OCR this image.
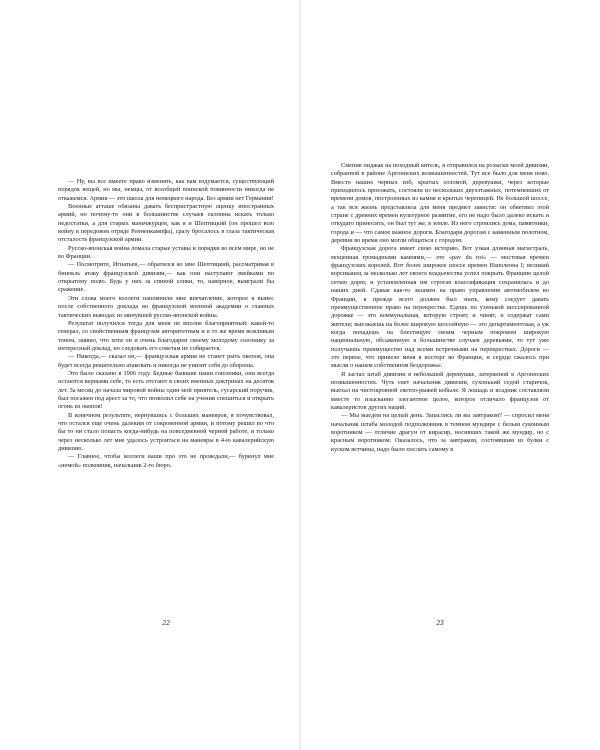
— Ну, вы все имеете право изменять, как вам вздумается, существующий порядок вещей, но мы, немцы, от всеобщей воинской повинности никогда не откажемся. Армия — это школа для немецкого народа. Без армии нет Германии!

Военные атташе обязаны давать беспристрастную оценку иностранных армий, но почему-то они в большинстве случаев склонны искать только недостатки, а для старых маньчжурцев, как я и Шептицкий (он прошел всю войну в передовом отряде Ренненкампфа), сразу бросалось в глаза тактическая отсталость французской армии.

Русско-японская война ломала старые уставы и порядки во всем мире, но не во Франции.

— Посмотрите, Игнатьев,— обратился ко мне Шептицкий, рассматривая в бинокль атаку французской дивизии,— как они наступают змейками по открытому полю. Будь у них за спиной сопки, то, наверное, выиграли бы сражение.

Эти слова моего коллеги напомнили мне впечатление, которое я вынес после собственного доклада во французской военной академии о главных тактических выводах из минувшей русско-японской войны.

Результат получился тогда для меня не вполне благоприятный: какой-то генерал, со свойственным французам авторитетным и в то же время вежливым тоном, заявил, что хотя он и очень благодарен своему молодому союзнику за интересный доклад, но следовать его советам не собирается.

— Никогда,— сказал он,— французская армия не станет рыть окопов, она будет всегда решительно атаковать и никогда не унизит себя до обороны.

Это было сказано в 1906 году. Бедные бывшие наши союзники, они всегда остаются верными себе, то есть отстают в своих военных доктринах на десяток лет. За месяц до начала мировой войны один мой приятель, гусарский поручик, был посажен под арест за то, что позволил себе на учении спешиться и открыть огонь из окопов!

В конечном результате, вернувшись с больших маневров, я почувствовал, что остался еще очень далеким от сокровенной армии, и потому решил во что бы то ни стало попасть когда-нибудь на повседневной черной работе, и только через несколько лет мне удалось устроиться на маневры в 4-ю кавалерийскую дивизию.

— Главное, чтобы коллеги ваши про это не проведали,— буркнул мне «немой» полковник, начальник 2-го бюро.

22

Сменив пиджак на походный китель, я отправился на розыски моей дивизии, собранной в районе Аргоннских возвышенностей. Тут все было для меня ново. Вместо наших черных изб, крытых соломой, деревушки, через которые приходилось проезжать, состояли из нескольких двухэтажных, потемневших от времени домов, построенных из камня и крытых черепицей. Не большой шоссе, а так вся жизнь представляла для меня предмет зависти: он обветвил этой стране с древних времен культурное развитие, его не надо было далеко искать и откудато приносить, он был тут же, в земле. Из него строились дома, памятники, города и — что самое важное дороги. Благодаря дорогам с каменным полотном, деревни во время оно могли общаться с городом.

Французская дорога имеет свою историю. Вот узкая длинная магистраль, мощенная громадными камнями,— это «pav du roi» — мостовая времен французских королей. Вот более широкое шоссе времен Наполеона I; великий корсиканец за несколько лет своего владычества успел покрыть Францию целой сетью дорог, и установленная им строгая классификация сохранилась и до наших дней. Сдавая как-то экзамен на право управления автомобилем во Франции, я прежде всего должен был знать, кому следует давать преимущественное право на перекрестке. Едешь по узенькой шоссированной дорожке — это коммунальная, которую строят, и чинят, и содержат сами жители; выезжаешь на более широкую шоссейную — это департаментская, а уж когда попадешь на блестящую своим черным покровом широкую национальную, обсаженную в большинстве случаев деревьями, то тут уже получаешь преимущество над всеми встречными на перекрестках. Дороги — это первое, что привело меня в восторг во Франции, и сердце сжалось при мысли о нашем собственном бездорожье.

Я застал штаб дивизии в небольшой деревушке, затерянной в Аргоннских возвышенностях. Чуть свет начальник дивизии, сухонький седой старичок, выехал на чистокровной светло-рыжей кобыле. Я лошадь и всадник составляли вместе то изысканно элегантное целое, которое отличало французов от кавалеристов других наций.

— Мы выедем на целый день. Запаслись ли вы завтраком? — спросил меня начальник штаба молодой подполковник в темном мундире с белым суконным воротником — отличие драгун от кирасир, носивших такой же мундир, но с красным воротником. Оказалось, что за завтраком, состоявшим из булки с куском ветчины, надо было послать самому в

23
